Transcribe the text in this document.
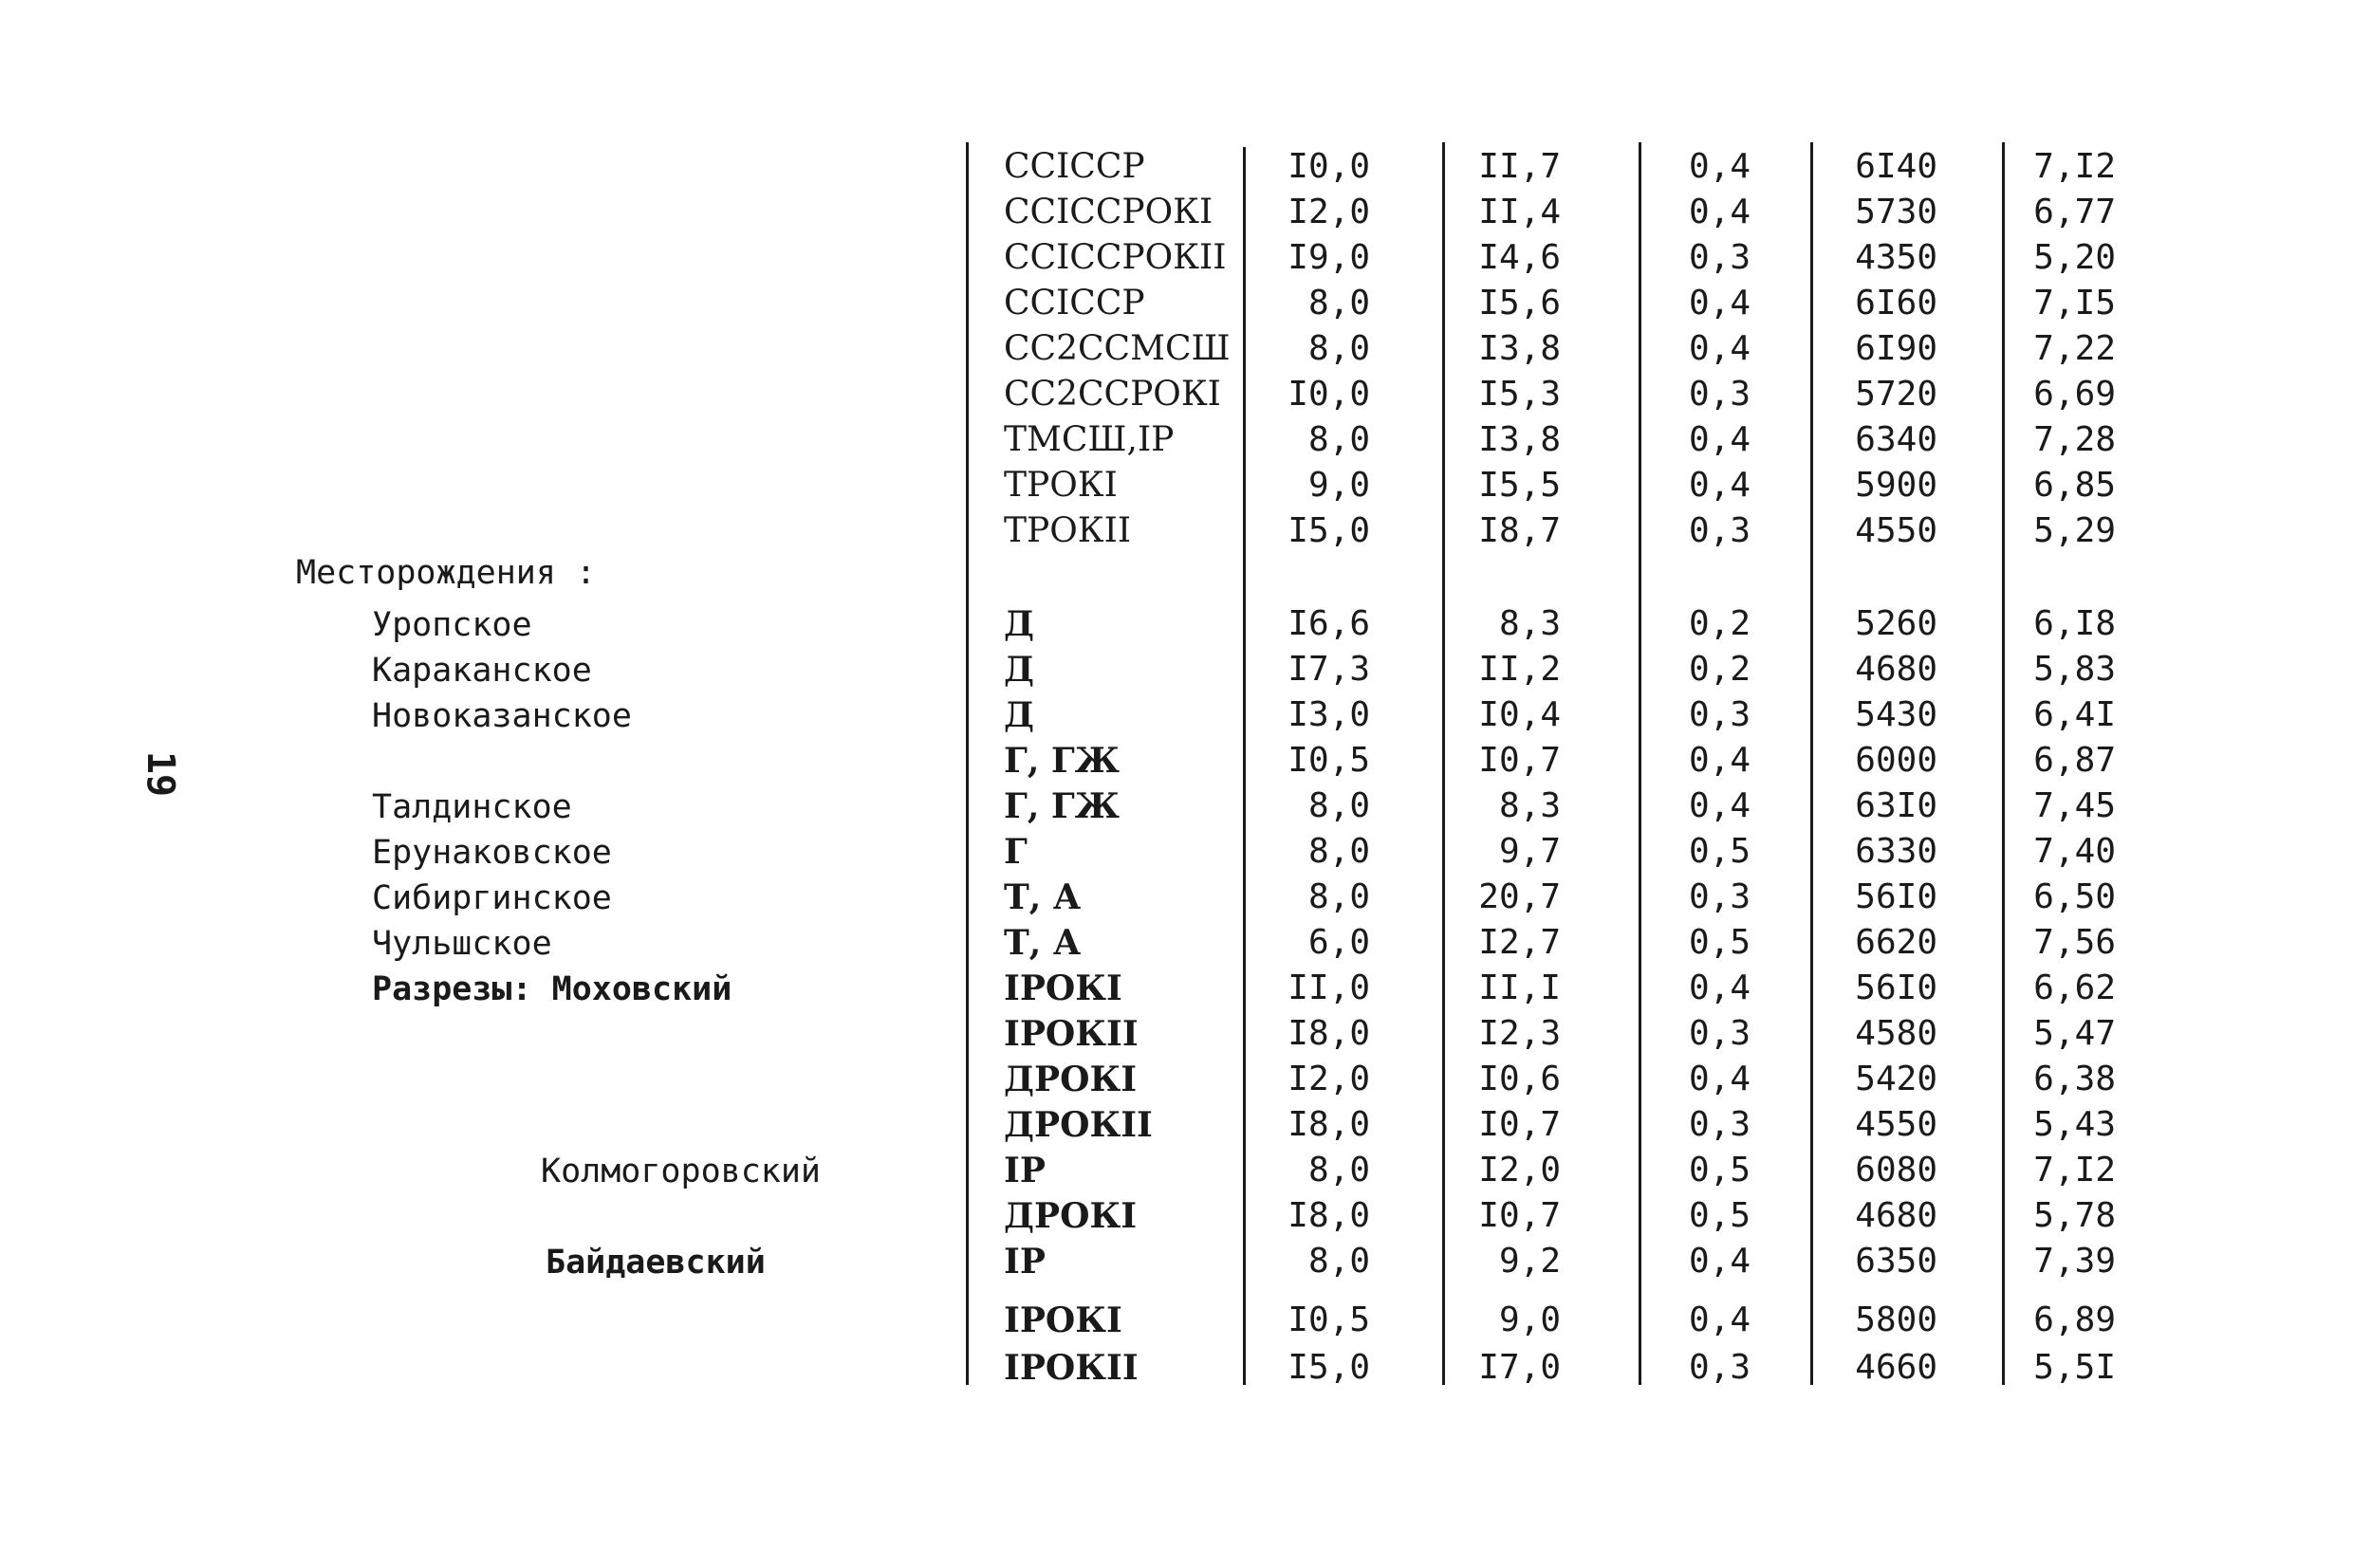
19
Месторождения :
ССIССР	I0,0	II,7	0,4	6I40	7,I2
ССIССРОКI	I2,0	II,4	0,4	5730	6,77
ССIССРОКII	I9,0	I4,6	0,3	4350	5,20
ССIССР	8,0	I5,6	0,4	6I60	7,I5
СС2ССМСШ	8,0	I3,8	0,4	6I90	7,22
СС2ССРОКI	I0,0	I5,3	0,3	5720	6,69
ТМСШ,IР	8,0	I3,8	0,4	6340	7,28
ТРОКI	9,0	I5,5	0,4	5900	6,85
ТРОКII	I5,0	I8,7	0,3	4550	5,29
Уропское	Д	I6,6	8,3	0,2	5260	6,I8
Караканское	Д	I7,3	II,2	0,2	4680	5,83
Новоказанское	Д	I3,0	I0,4	0,3	5430	6,4I
Г, ГЖ	I0,5	I0,7	0,4	6000	6,87
Талдинское	Г, ГЖ	8,0	8,3	0,4	63I0	7,45
Ерунаковское	Г	8,0	9,7	0,5	6330	7,40
Сибиргинское	Т, А	8,0	20,7	0,3	56I0	6,50
Чульшское	Т, А	6,0	I2,7	0,5	6620	7,56
Разрезы: Моховский	IРОКI	II,0	II,I	0,4	56I0	6,62
IРОКII	I8,0	I2,3	0,3	4580	5,47
ДРОКI	I2,0	I0,6	0,4	5420	6,38
ДРОКII	I8,0	I0,7	0,3	4550	5,43
Колмогоровский	IР	8,0	I2,0	0,5	6080	7,I2
ДРОКI	I8,0	I0,7	0,5	4680	5,78
Байдаевский	IР	8,0	9,2	0,4	6350	7,39
IРОКI	I0,5	9,0	0,4	5800	6,89
IРОКII	I5,0	I7,0	0,3	4660	5,5I
